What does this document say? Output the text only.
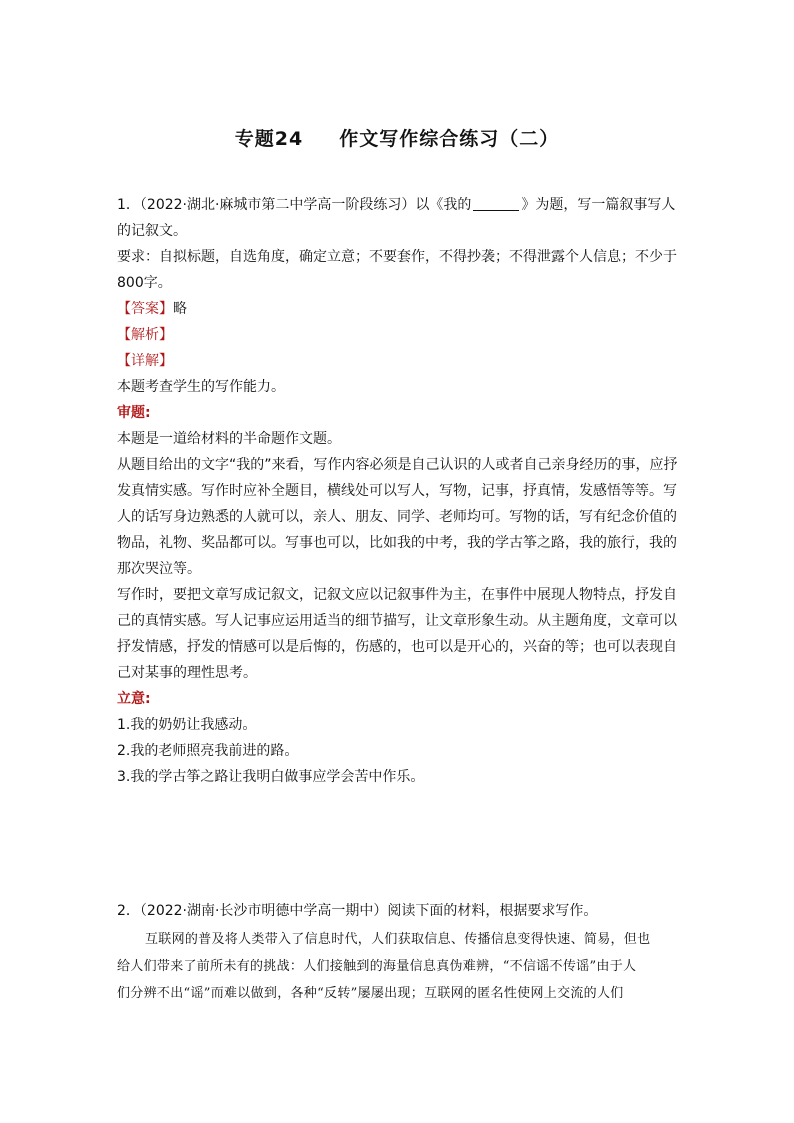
专题24 作文写作综合练习（二）
1．（2022·湖北·麻城市第二中学高一阶段练习）以《我的	》为题，写一篇叙事写人
的记叙文。
要求：自拟标题，自选角度，确定立意；不要套作，不得抄袭；不得泄露个人信息；不少于
800字。
【答案】略
【解析】
【详解】
本题考查学生的写作能力。
审题:
本题是一道给材料的半命题作文题。
从题目给出的文字“我的”来看，写作内容必须是自己认识的人或者自己亲身经历的事，应抒
发真情实感。写作时应补全题目，横线处可以写人，写物，记事，抒真情，发感悟等等。写
人的话写身边熟悉的人就可以，亲人、朋友、同学、老师均可。写物的话，写有纪念价值的
物品，礼物、奖品都可以。写事也可以，比如我的中考，我的学古筝之路，我的旅行，我的
那次哭泣等。
写作时，要把文章写成记叙文，记叙文应以记叙事件为主，在事件中展现人物特点，抒发自
己的真情实感。写人记事应运用适当的细节描写，让文章形象生动。从主题角度，文章可以
抒发情感，抒发的情感可以是后悔的，伤感的，也可以是开心的，兴奋的等；也可以表现自
己对某事的理性思考。
立意:
1.我的奶奶让我感动。
2.我的老师照亮我前进的路。
3.我的学古筝之路让我明白做事应学会苦中作乐。
2．（2022·湖南·长沙市明德中学高一期中）阅读下面的材料，根据要求写作。
互联网的普及将人类带入了信息时代，人们获取信息、传播信息变得快速、简易，但也
给人们带来了前所未有的挑战：人们接触到的海量信息真伪难辨，“不信谣不传谣”由于人
们分辨不出“谣”而难以做到，各种“反转”屡屡出现；互联网的匿名性使网上交流的人们
